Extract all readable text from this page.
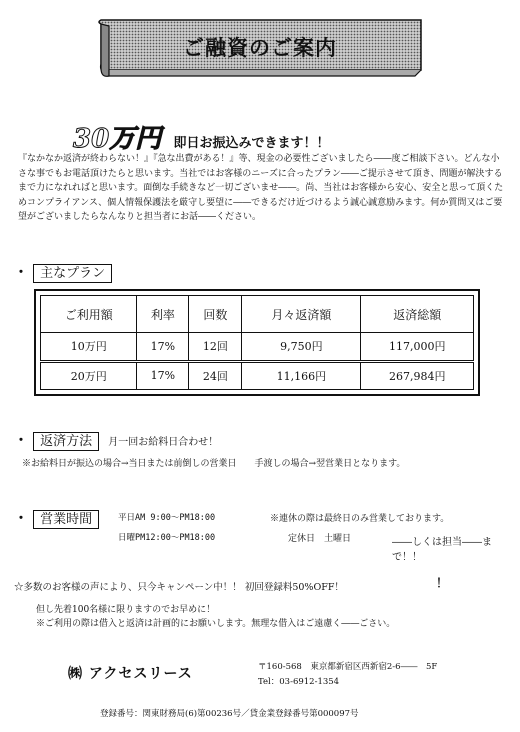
ご融資のご案内
30万円 即日お振込みできます！！
『なかなか返済が終わらない！』『急な出費がある！』等、現金の必要性ございましたら――度ご相談下さい。どんな小さな事でもお電話頂けたらと思います。当社ではお客様のニーズに合ったプラン――ご提示させて頂き、問題が解決するまで力になれればと思います。面倒な手続きなど一切ございませ――。尚、当社はお客様から安心、安全と思って頂くためコンプライアンス、個人情報保護法を厳守し要望に――できるだけ近づけるよう誠心誠意励みます。何か質問又はご要望がございましたらなんなりと担当者にお話――ください。
・ 主なプラン
ご利用額	利率	回数	月々返済額	返済総額
10万円	17%	12回	9,750円	117,000円
20万円	17%	24回	11,166円	267,984円
・ 返済方法 月一回お給料日合わせ！
※お給料日が振込の場合→当日または前倒しの営業日　　手渡しの場合→翌営業日となります。
・ 営業時間	平日AM 9:00～PM18:00	※連休の際は最終日のみ営業しております。
日曜PM12:00～PM18:00	定休日　土曜日	――しくは担当――まで！！
☆多数のお客様の声により、只今キャンペーン中！！ 初回登録料50%OFF！	！
但し先着100名様に限りますのでお早めに！
※ご利用の際は借入と返済は計画的にお願いします。無理な借入はご遠慮く――ごさい。
㈱ アクセスリース	〒160-568　東京都新宿区西新宿2-6――　5F
Tel：03-6912-1354
登録番号：関東財務局(6)第00236号／貸金業登録番号第000097号
